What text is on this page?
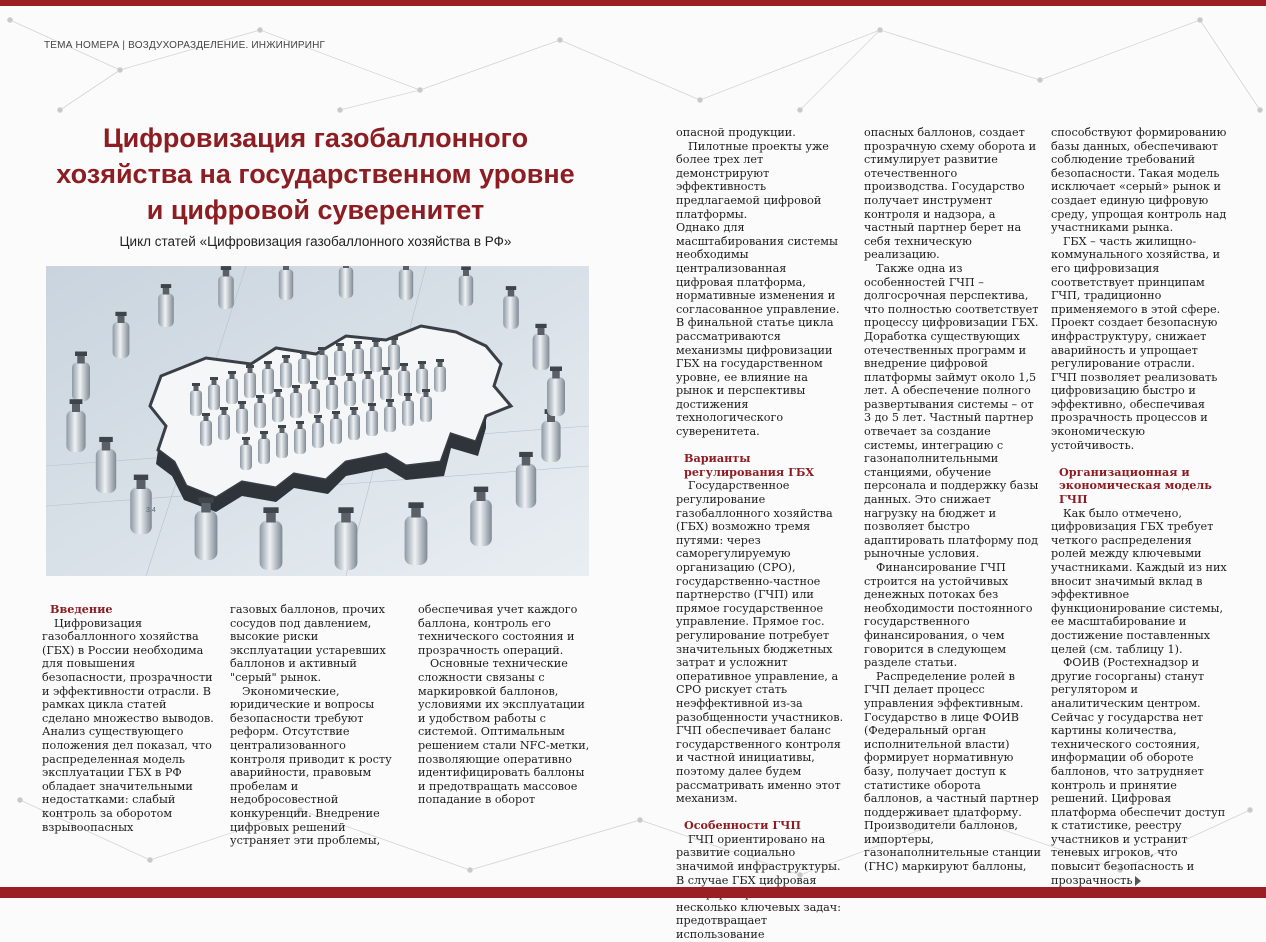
ТЕМА НОМЕРА | ВОЗДУХОРАЗДЕЛЕНИЕ. ИНЖИНИРИНГ
Цифровизация газобаллонного хозяйства на государственном уровне и цифровой суверенитет
Цикл статей «Цифровизация газобаллонного хозяйства в РФ»
3.4
Введение

Цифровизация газобаллонного хозяйства (ГБХ) в России необходима для повышения безопасности, прозрачности и эффективности отрасли. В рамках цикла статей сделано множество выводов. Анализ существующего положения дел показал, что распределенная модель эксплуатации ГБХ в РФ обладает значительными недостатками: слабый контроль за оборотом взрывоопасных

газовых баллонов, прочих сосудов под давлением, высокие риски эксплуатации устаревших баллонов и активный "серый" рынок.

Экономические, юридические и вопросы безопасности требуют реформ. Отсутствие централизованного контроля приводит к росту аварийности, правовым пробелам и недобросовестной конкуренции. Внедрение цифровых решений устраняет эти проблемы,

обеспечивая учет каждого баллона, контроль его технического состояния и прозрачность операций.

Основные технические сложности связаны с маркировкой баллонов, условиями их эксплуатации и удобством работы с системой. Оптимальным решением стали NFC-метки, позволяющие оперативно идентифицировать баллоны и предотвращать массовое попадание в оборот

опасной продукции.

Пилотные проекты уже более трех лет демонстрируют эффективность предлагаемой цифровой платформы.

Однако для масштабирования системы необходимы централизованная цифровая платформа, нормативные изменения и согласованное управление. В финальной статье цикла рассматриваются механизмы цифровизации ГБХ на государственном уровне, ее влияние на рынок и перспективы достижения технологического суверенитета.

Варианты регулирования ГБХ

Государственное регулирование газобаллонного хозяйства (ГБХ) возможно тремя путями: через саморегулируемую организацию (СРО), государственно-частное партнерство (ГЧП) или прямое государственное управление. Прямое гос. регулирование потребует значительных бюджетных затрат и усложнит оперативное управление, а СРО рискует стать неэффективной из-за разобщенности участников. ГЧП обеспечивает баланс государственного контроля и частной инициативы, поэтому далее будем рассматривать именно этот механизм.

Особенности ГЧП

ГЧП ориентировано на развитие социально значимой инфраструктуры. В случае ГБХ цифровая несколько ключевых задач: предотвращает использование

опасных баллонов, создает прозрачную схему оборота и стимулирует развитие отечественного производства. Государство получает инструмент контроля и надзора, а частный партнер берет на себя техническую реализацию.

Также одна из особенностей ГЧП – долгосрочная перспектива, что полностью соответствует процессу цифровизации ГБХ. Доработка существующих отечественных программ и внедрение цифровой платформы займут около 1,5 лет. А обеспечение полного развертывания системы – от 3 до 5 лет. Частный партнер отвечает за создание системы, интеграцию с газонаполнительными станциями, обучение персонала и поддержку базы данных. Это снижает нагрузку на бюджет и позволяет быстро адаптировать платформу под рыночные условия.

Финансирование ГЧП строится на устойчивых денежных потоках без необходимости постоянного государственного финансирования, о чем говорится в следующем разделе статьи.

Распределение ролей в ГЧП делает процесс управления эффективным. Государство в лице ФОИВ (Федеральный орган исполнительной власти) формирует нормативную базу, получает доступ к статистике оборота баллонов, а частный партнер поддерживает платформу. Производители баллонов, импортеры, газонаполнительные станции (ГНС) маркируют баллоны,

способствуют формированию базы данных, обеспечивают соблюдение требований безопасности. Такая модель исключает «серый» рынок и создает единую цифровую среду, упрощая контроль над участниками рынка.

ГБХ – часть жилищно-коммунального хозяйства, и его цифровизация соответствует принципам ГЧП, традиционно применяемого в этой сфере. Проект создает безопасную инфраструктуру, снижает аварийность и упрощает регулирование отрасли.

ГЧП позволяет реализовать цифровизацию быстро и эффективно, обеспечивая прозрачность процессов и экономическую устойчивость.

Организационная и экономическая модель ГЧП

Как было отмечено, цифровизация ГБХ требует четкого распределения ролей между ключевыми участниками. Каждый из них вносит значимый вклад в эффективное функционирование системы, ее масштабирование и достижение поставленных целей (см. таблицу 1).

ФОИВ (Ростехнадзор и другие госорганы) станут регулятором и аналитическим центром. Сейчас у государства нет картины количества, технического состояния, информации об обороте баллонов, что затрудняет контроль и принятие решений. Цифровая платформа обеспечит доступ к статистике, реестру участников и устранит теневых игроков, что повысит безопасность и прозрачность
